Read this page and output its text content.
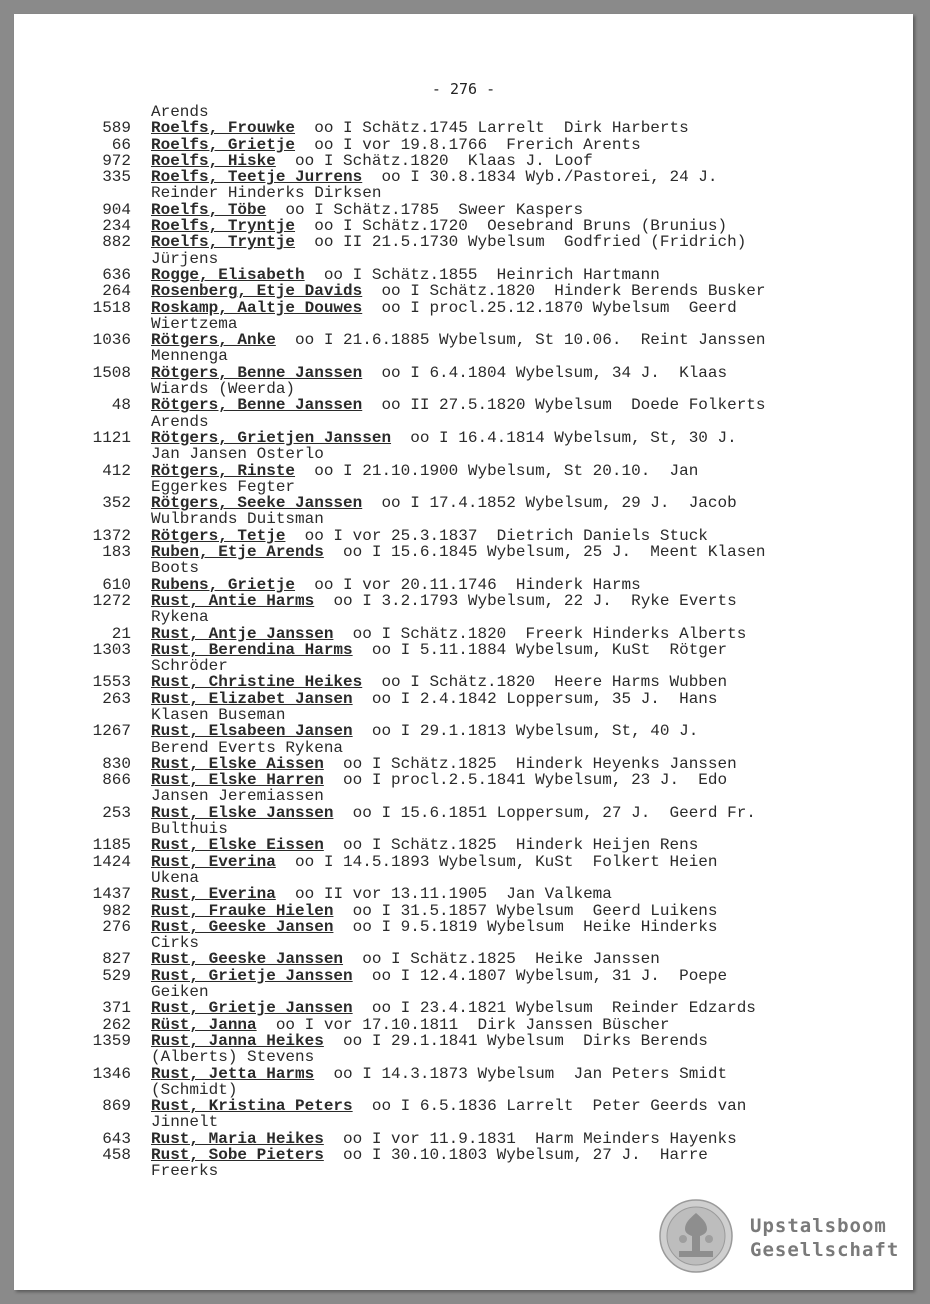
- 276 -
Arends
589 Roelfs, Frouwke oo I Schätz.1745 Larrelt  Dirk Harberts
66 Roelfs, Grietje oo I vor 19.8.1766  Frerich Arents
972 Roelfs, Hiske oo I Schätz.1820  Klaas J. Loof
335 Roelfs, Teetje Jurrens oo I 30.8.1834 Wyb./Pastorei, 24 J.
Reinder Hinderks Dirksen
904 Roelfs, Töbe oo I Schätz.1785  Sweer Kaspers
234 Roelfs, Tryntje oo I Schätz.1720  Oesebrand Bruns (Brunius)
882 Roelfs, Tryntje oo II 21.5.1730 Wybelsum  Godfried (Fridrich)
Jürjens
636 Rogge, Elisabeth oo I Schätz.1855  Heinrich Hartmann
264 Rosenberg, Etje Davids oo I Schätz.1820  Hinderk Berends Busker
1518 Roskamp, Aaltje Douwes oo I procl.25.12.1870 Wybelsum  Geerd
Wiertzema
1036 Rötgers, Anke oo I 21.6.1885 Wybelsum, St 10.06.  Reint Janssen
Mennenga
1508 Rötgers, Benne Janssen oo I 6.4.1804 Wybelsum, 34 J.  Klaas
Wiards (Weerda)
48 Rötgers, Benne Janssen oo II 27.5.1820 Wybelsum  Doede Folkerts
Arends
1121 Rötgers, Grietjen Janssen oo I 16.4.1814 Wybelsum, St, 30 J.
Jan Jansen Osterlo
412 Rötgers, Rinste oo I 21.10.1900 Wybelsum, St 20.10.  Jan
Eggerkes Fegter
352 Rötgers, Seeke Janssen oo I 17.4.1852 Wybelsum, 29 J.  Jacob
Wulbrands Duitsman
1372 Rötgers, Tetje oo I vor 25.3.1837  Dietrich Daniels Stuck
183 Ruben, Etje Arends oo I 15.6.1845 Wybelsum, 25 J.  Meent Klasen
Boots
610 Rubens, Grietje oo I vor 20.11.1746  Hinderk Harms
1272 Rust, Antie Harms oo I 3.2.1793 Wybelsum, 22 J.  Ryke Everts
Rykena
21 Rust, Antje Janssen oo I Schätz.1820  Freerk Hinderks Alberts
1303 Rust, Berendina Harms oo I 5.11.1884 Wybelsum, KuSt  Rötger
Schröder
1553 Rust, Christine Heikes oo I Schätz.1820  Heere Harms Wubben
263 Rust, Elizabet Jansen oo I 2.4.1842 Loppersum, 35 J.  Hans
Klasen Buseman
1267 Rust, Elsabeen Jansen oo I 29.1.1813 Wybelsum, St, 40 J.
Berend Everts Rykena
830 Rust, Elske Aissen oo I Schätz.1825  Hinderk Heyenks Janssen
866 Rust, Elske Harren oo I procl.2.5.1841 Wybelsum, 23 J.  Edo
Jansen Jeremiassen
253 Rust, Elske Janssen oo I 15.6.1851 Loppersum, 27 J.  Geerd Fr.
Bulthuis
1185 Rust, Elske Eissen oo I Schätz.1825  Hinderk Heijen Rens
1424 Rust, Everina oo I 14.5.1893 Wybelsum, KuSt  Folkert Heien
Ukena
1437 Rust, Everina oo II vor 13.11.1905  Jan Valkema
982 Rust, Frauke Hielen oo I 31.5.1857 Wybelsum  Geerd Luikens
276 Rust, Geeske Jansen oo I 9.5.1819 Wybelsum  Heike Hinderks
Cirks
827 Rust, Geeske Janssen oo I Schätz.1825  Heike Janssen
529 Rust, Grietje Janssen oo I 12.4.1807 Wybelsum, 31 J.  Poepe
Geiken
371 Rust, Grietje Janssen oo I 23.4.1821 Wybelsum  Reinder Edzards
262 Rüst, Janna oo I vor 17.10.1811  Dirk Janssen Büscher
1359 Rust, Janna Heikes oo I 29.1.1841 Wybelsum  Dirks Berends
(Alberts) Stevens
1346 Rust, Jetta Harms oo I 14.3.1873 Wybelsum  Jan Peters Smidt
(Schmidt)
869 Rust, Kristina Peters oo I 6.5.1836 Larrelt  Peter Geerds van
Jinnelt
643 Rust, Maria Heikes oo I vor 11.9.1831  Harm Meinders Hayenks
458 Rust, Sobe Pieters oo I 30.10.1803 Wybelsum, 27 J.  Harre
Freerks
Upstalsboom
Gesellschaft
